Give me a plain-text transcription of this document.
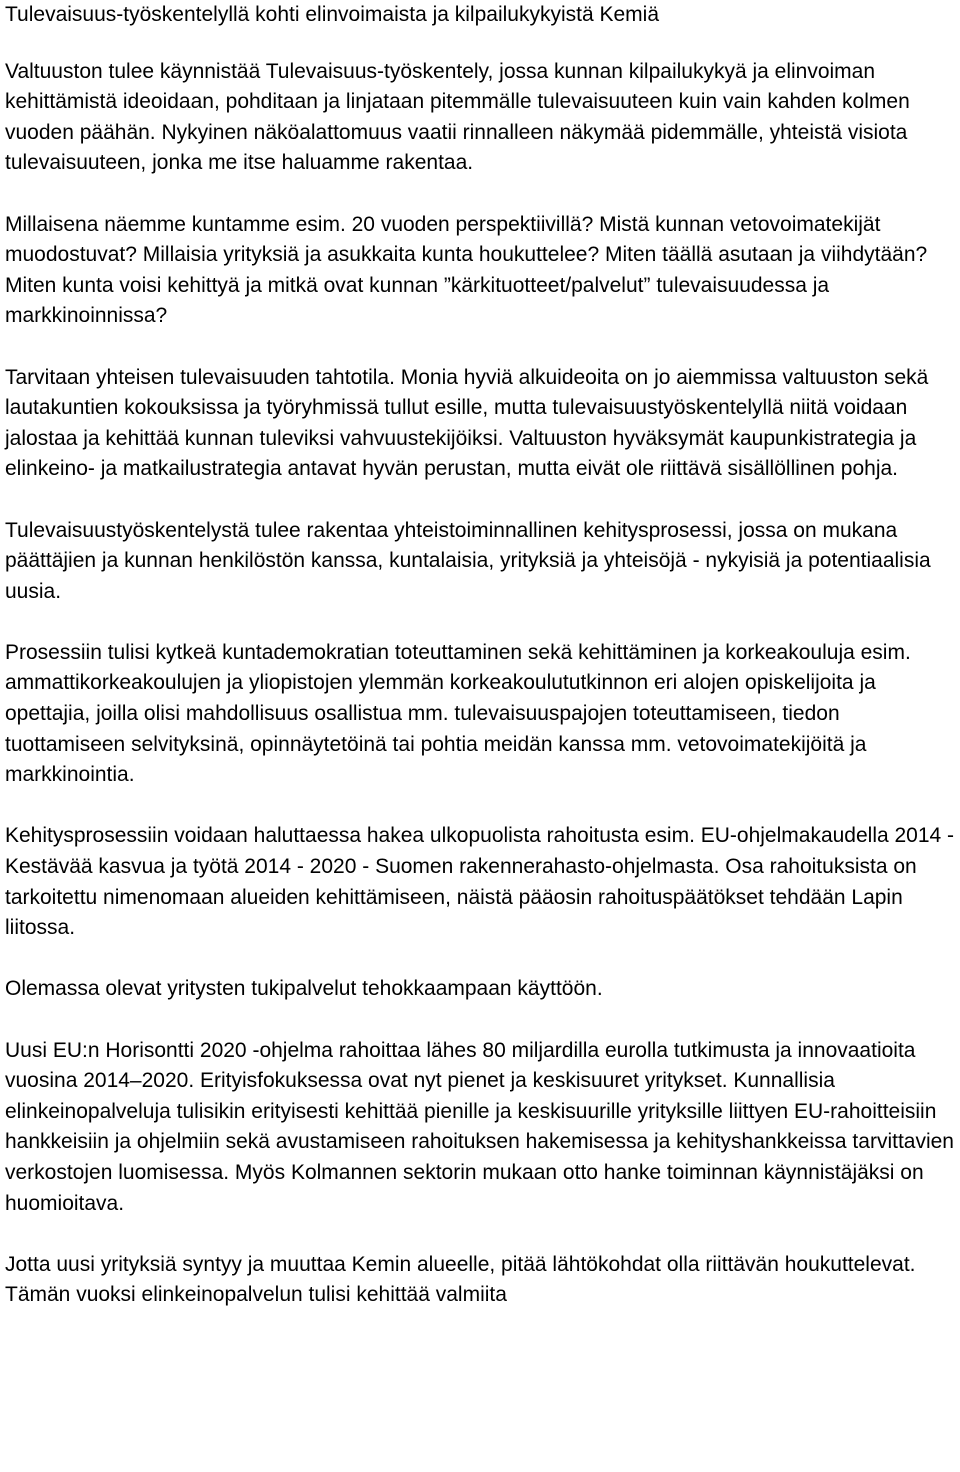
Tulevaisuus-työskentelyllä kohti elinvoimaista ja kilpailukykyistä Kemiä

Valtuuston tulee käynnistää Tulevaisuus-työskentely, jossa kunnan kilpailukykyä ja elinvoiman kehittämistä ideoidaan, pohditaan ja linjataan pitemmälle tulevaisuuteen kuin vain kahden kolmen vuoden päähän. Nykyinen näköalattomuus vaatii rinnalleen näkymää pidemmälle, yhteistä visiota tulevaisuuteen, jonka me itse haluamme rakentaa.

Millaisena näemme kuntamme esim. 20 vuoden perspektiivillä? Mistä kunnan vetovoimatekijät muodostuvat? Millaisia yrityksiä ja asukkaita kunta houkuttelee? Miten täällä asutaan ja viihdytään? Miten kunta voisi kehittyä ja mitkä ovat kunnan ”kärkituotteet/palvelut” tulevaisuudessa ja markkinoinnissa?

Tarvitaan yhteisen tulevaisuuden tahtotila. Monia hyviä alkuideoita on jo aiemmissa valtuuston sekä lautakuntien kokouksissa ja työryhmissä tullut esille, mutta tulevaisuustyöskentelyllä niitä voidaan jalostaa ja kehittää kunnan tuleviksi vahvuustekijöiksi. Valtuuston hyväksymät kaupunkistrategia ja elinkeino- ja matkailustrategia antavat hyvän perustan, mutta eivät ole riittävä sisällöllinen pohja.

Tulevaisuustyöskentelystä tulee rakentaa yhteistoiminnallinen kehitysprosessi, jossa on mukana päättäjien ja kunnan henkilöstön kanssa, kuntalaisia, yrityksiä ja yhteisöjä - nykyisiä ja potentiaalisia uusia.

Prosessiin tulisi kytkeä kuntademokratian toteuttaminen sekä kehittäminen ja korkeakouluja esim. ammattikorkeakoulujen ja yliopistojen ylemmän korkeakoulututkinnon eri alojen opiskelijoita ja opettajia, joilla olisi mahdollisuus osallistua mm. tulevaisuuspajojen toteuttamiseen, tiedon tuottamiseen selvityksinä, opinnäytetöinä tai pohtia meidän kanssa mm. vetovoimatekijöitä ja markkinointia.

Kehitysprosessiin voidaan haluttaessa hakea ulkopuolista rahoitusta esim. EU-ohjelmakaudella 2014 - Kestävää kasvua ja työtä 2014 - 2020 - Suomen rakennerahasto-ohjelmasta. Osa rahoituksista on tarkoitettu nimenomaan alueiden kehittämiseen, näistä pääosin rahoituspäätökset tehdään Lapin liitossa.

Olemassa olevat yritysten tukipalvelut tehokkaampaan käyttöön.

Uusi EU:n Horisontti 2020 -ohjelma rahoittaa lähes 80 miljardilla eurolla tutkimusta ja innovaatioita vuosina 2014–2020. Erityisfokuksessa ovat nyt pienet ja keskisuuret yritykset. Kunnallisia elinkeinopalveluja tulisikin erityisesti kehittää pienille ja keskisuurille yrityksille liittyen EU-rahoitteisiin hankkeisiin ja ohjelmiin sekä avustamiseen rahoituksen hakemisessa ja kehityshankkeissa tarvittavien verkostojen luomisessa. Myös Kolmannen sektorin mukaan otto hanke toiminnan käynnistäjäksi on huomioitava.

Jotta uusi yrityksiä syntyy ja muuttaa Kemin alueelle, pitää lähtökohdat olla riittävän houkuttelevat. Tämän vuoksi elinkeinopalvelun tulisi kehittää valmiita
